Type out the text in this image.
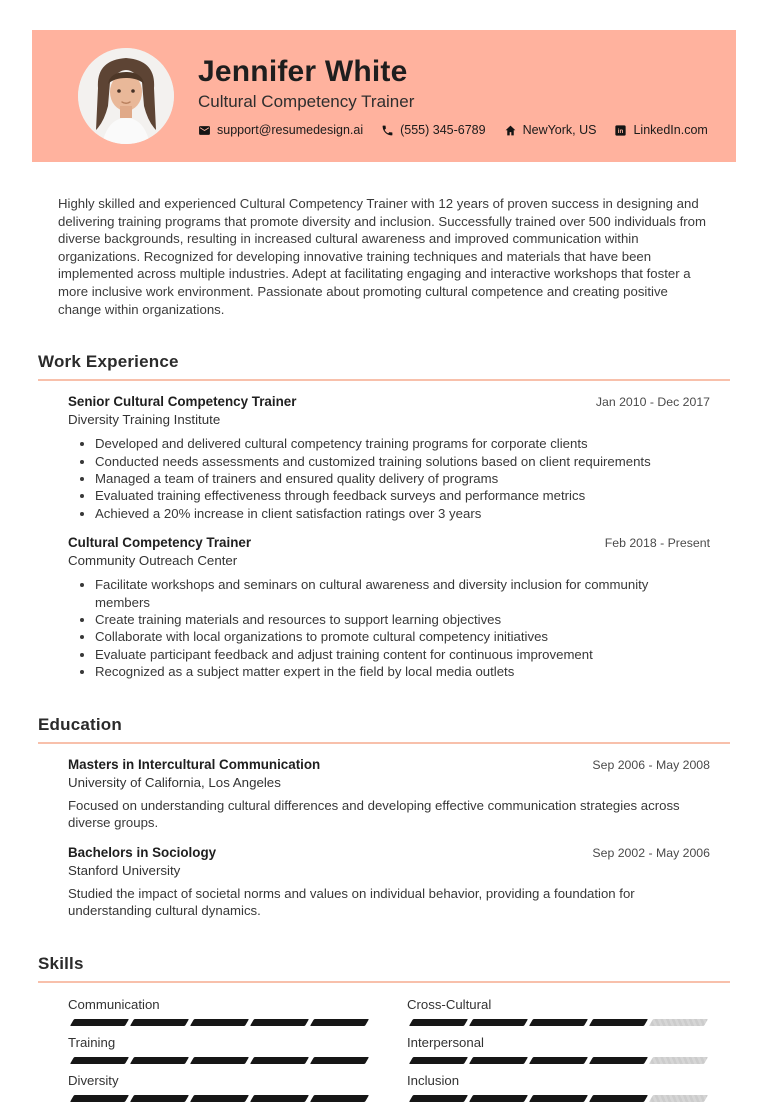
Jennifer White
Cultural Competency Trainer
support@resumedesign.ai	(555) 345-6789	NewYork, US in LinkedIn.com

Highly skilled and experienced Cultural Competency Trainer with 12 years of proven success in designing and delivering training programs that promote diversity and inclusion. Successfully trained over 500 individuals from diverse backgrounds, resulting in increased cultural awareness and improved communication within organizations. Recognized for developing innovative training techniques and materials that have been implemented across multiple industries. Adept at facilitating engaging and interactive workshops that foster a more inclusive work environment. Passionate about promoting cultural competence and creating positive change within organizations.

Work Experience
Senior Cultural Competency Trainer	Jan 2010 - Dec 2017
Diversity Training Institute
• Developed and delivered cultural competency training programs for corporate clients
• Conducted needs assessments and customized training solutions based on client requirements
• Managed a team of trainers and ensured quality delivery of programs
• Evaluated training effectiveness through feedback surveys and performance metrics
• Achieved a 20% increase in client satisfaction ratings over 3 years
Cultural Competency Trainer	Feb 2018 - Present
Community Outreach Center
• Facilitate workshops and seminars on cultural awareness and diversity inclusion for community members
• Create training materials and resources to support learning objectives
• Collaborate with local organizations to promote cultural competency initiatives
• Evaluate participant feedback and adjust training content for continuous improvement
• Recognized as a subject matter expert in the field by local media outlets
Education
Masters in Intercultural Communication	Sep 2006 - May 2008
University of California, Los Angeles

Focused on understanding cultural differences and developing effective communication strategies across diverse groups.

Bachelors in Sociology	Sep 2002 - May 2006
Stanford University

Studied the impact of societal norms and values on individual behavior, providing a foundation for understanding cultural dynamics.

Skills
Communication	Cross-Cultural
Training	Interpersonal
Diversity	Inclusion
